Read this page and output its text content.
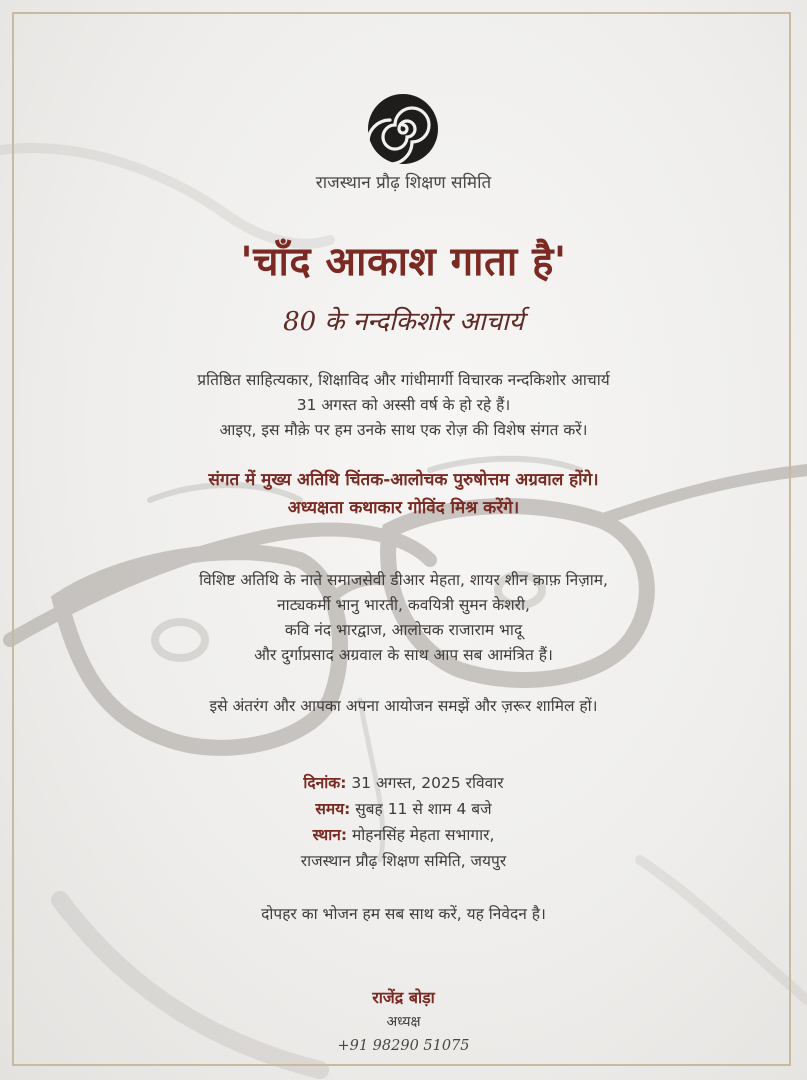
राजस्थान प्रौढ़ शिक्षण समिति
'चाँद आकाश गाता है'
80 के नन्दकिशोर आचार्य
प्रतिष्ठित साहित्यकार, शिक्षाविद और गांधीमार्गी विचारक नन्दकिशोर आचार्य
31 अगस्त को अस्सी वर्ष के हो रहे हैं।
आइए, इस मौक़े पर हम उनके साथ एक रोज़ की विशेष संगत करें।
संगत में मुख्य अतिथि चिंतक-आलोचक पुरुषोत्तम अग्रवाल होंगे।
अध्यक्षता कथाकार गोविंद मिश्र करेंगे।
विशिष्ट अतिथि के नाते समाजसेवी डीआर मेहता, शायर शीन क़ाफ़ निज़ाम,
नाट्यकर्मी भानु भारती, कवयित्री सुमन केशरी,
कवि नंद भारद्वाज, आलोचक राजाराम भादू
और दुर्गाप्रसाद अग्रवाल के साथ आप सब आमंत्रित हैं।
इसे अंतरंग और आपका अपना आयोजन समझें और ज़रूर शामिल हों।
दिनांक: 31 अगस्त, 2025 रविवार
समय: सुबह 11 से शाम 4 बजे
स्थान: मोहनसिंह मेहता सभागार,
राजस्थान प्रौढ़ शिक्षण समिति, जयपुर
दोपहर का भोजन हम सब साथ करें, यह निवेदन है।
राजेंद्र बोड़ा
अध्यक्ष
+91 98290 51075
